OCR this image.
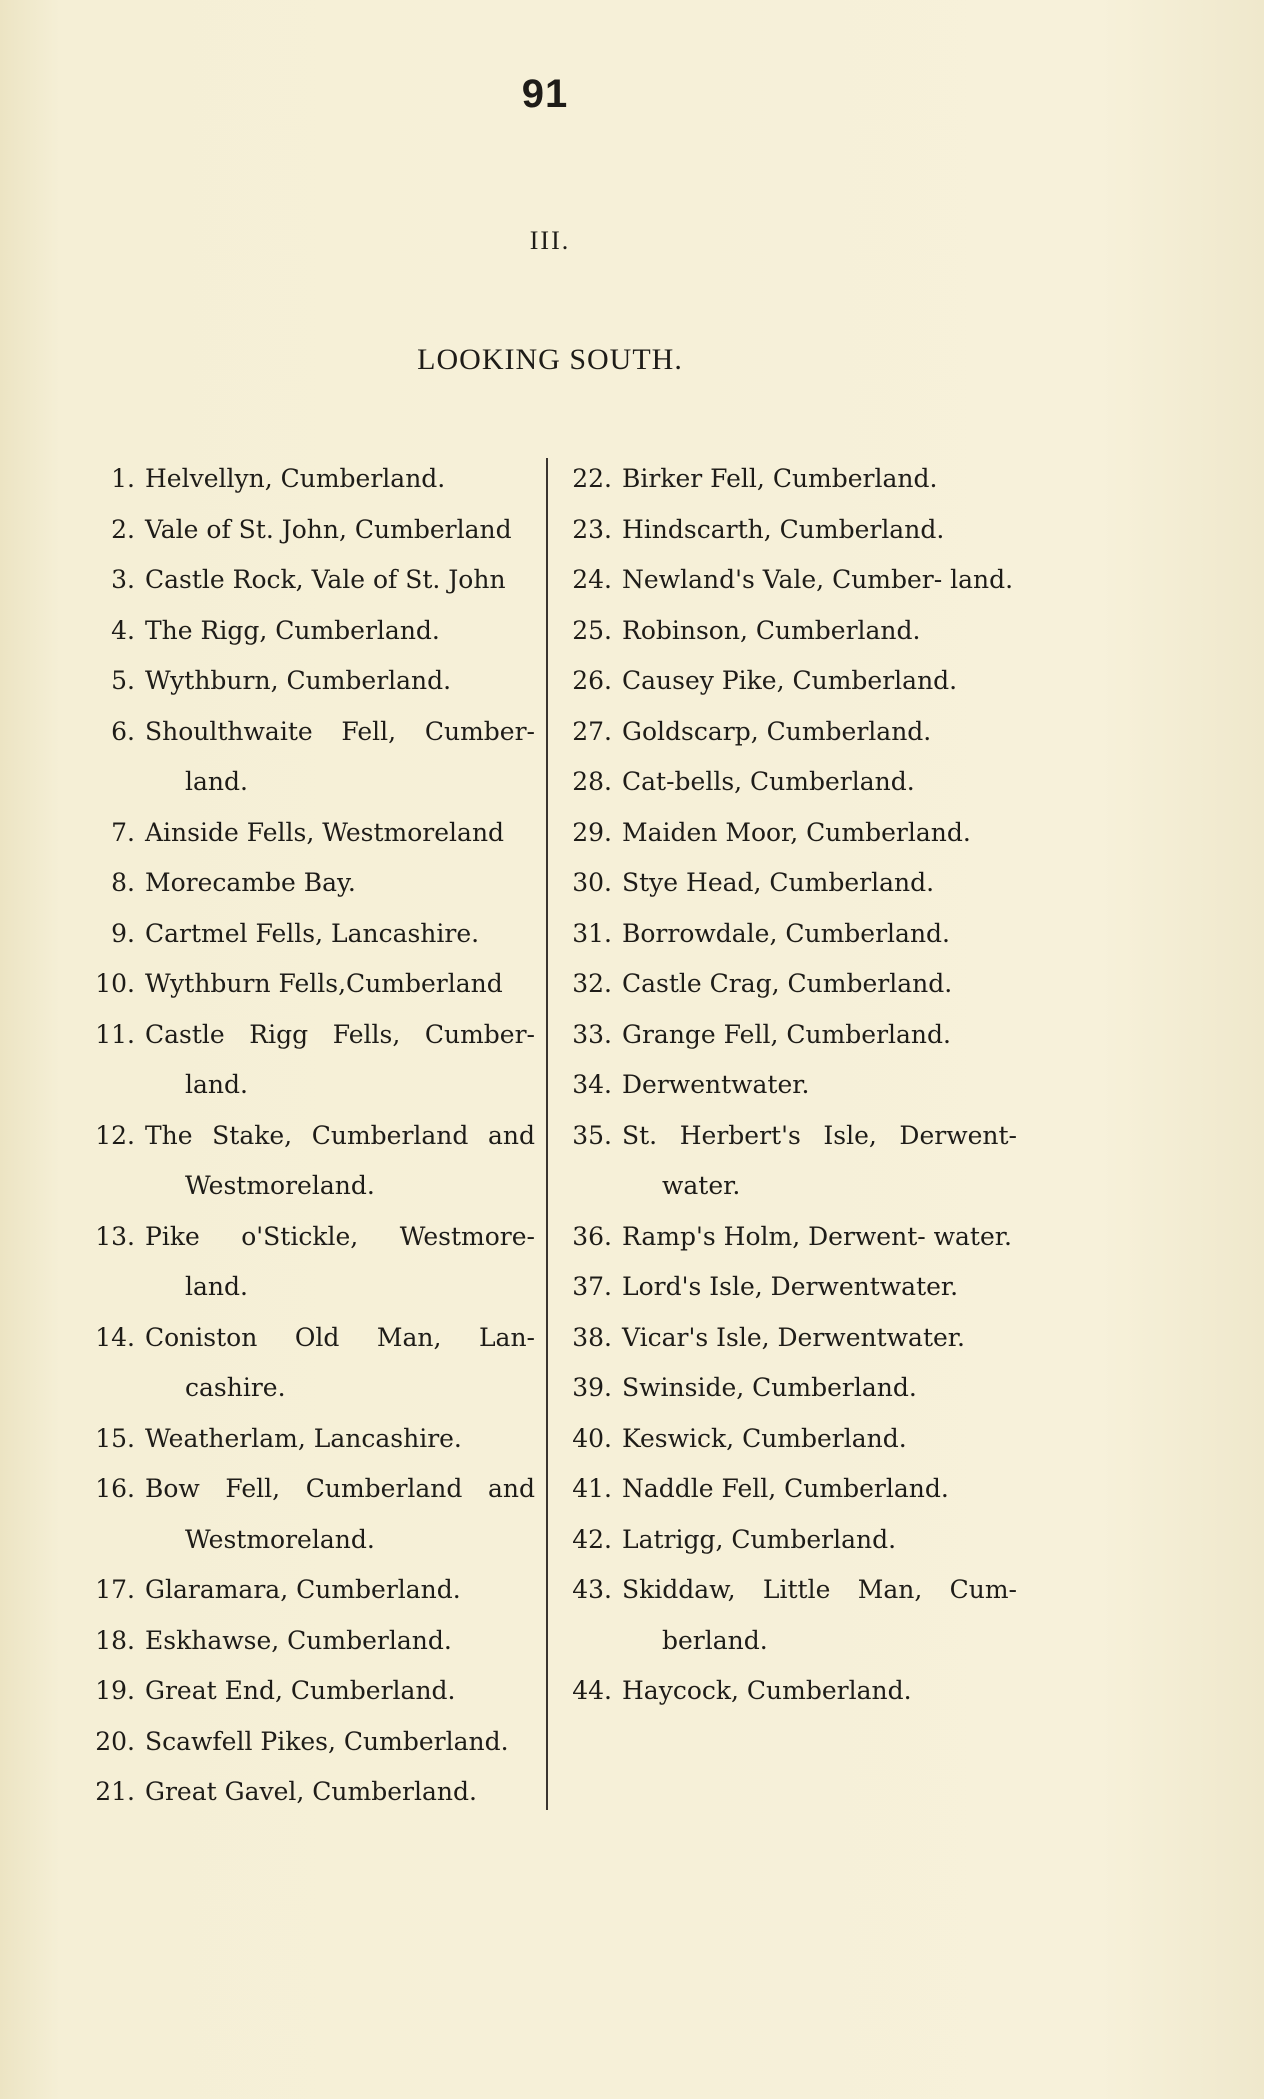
91
III.
LOOKING SOUTH.
1. Helvellyn, Cumberland.
2. Vale of St. John, Cumberland
3. Castle Rock, Vale of St. John
4. The Rigg, Cumberland.
5. Wythburn, Cumberland.
6. Shoulthwaite Fell, Cumber- land.
7. Ainside Fells, Westmoreland
8. Morecambe Bay.
9. Cartmel Fells, Lancashire.
10. Wythburn Fells,Cumberland
11. Castle Rigg Fells, Cumber- land.
12. The Stake, Cumberland and Westmoreland.
13. Pike o'Stickle, Westmore- land.
14. Coniston Old Man, Lan- cashire.
15. Weatherlam, Lancashire.
16. Bow Fell, Cumberland and Westmoreland.
17. Glaramara, Cumberland.
18. Eskhawse, Cumberland.
19. Great End, Cumberland.
20. Scawfell Pikes, Cumberland.
21. Great Gavel, Cumberland.
22. Birker Fell, Cumberland.
23. Hindscarth, Cumberland.
24. Newland's Vale, Cumber- land.
25. Robinson, Cumberland.
26. Causey Pike, Cumberland.
27. Goldscarp, Cumberland.
28. Cat-bells, Cumberland.
29. Maiden Moor, Cumberland.
30. Stye Head, Cumberland.
31. Borrowdale, Cumberland.
32. Castle Crag, Cumberland.
33. Grange Fell, Cumberland.
34. Derwentwater.
35. St. Herbert's Isle, Derwent- water.
36. Ramp's Holm, Derwent- water.
37. Lord's Isle, Derwentwater.
38. Vicar's Isle, Derwentwater.
39. Swinside, Cumberland.
40. Keswick, Cumberland.
41. Naddle Fell, Cumberland.
42. Latrigg, Cumberland.
43. Skiddaw, Little Man, Cum- berland.
44. Haycock, Cumberland.
